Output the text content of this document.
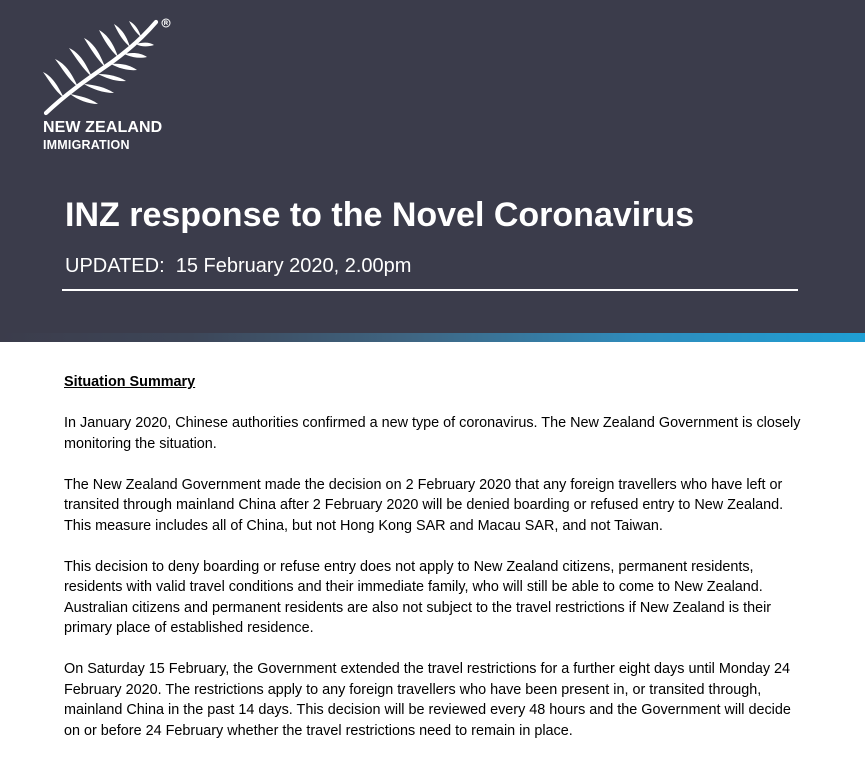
NEW ZEALAND
IMMIGRATION
INZ response to the Novel Coronavirus
UPDATED:  15 February 2020, 2.00pm

Situation Summary

In January 2020, Chinese authorities confirmed a new type of coronavirus. The New Zealand Government is closely monitoring the situation.

The New Zealand Government made the decision on 2 February 2020 that any foreign travellers who have left or transited through mainland China after 2 February 2020 will be denied boarding or refused entry to New Zealand. This measure includes all of China, but not Hong Kong SAR and Macau SAR, and not Taiwan.

This decision to deny boarding or refuse entry does not apply to New Zealand citizens, permanent residents, residents with valid travel conditions and their immediate family, who will still be able to come to New Zealand. Australian citizens and permanent residents are also not subject to the travel restrictions if New Zealand is their primary place of established residence.

On Saturday 15 February, the Government extended the travel restrictions for a further eight days until Monday 24 February 2020. The restrictions apply to any foreign travellers who have been present in, or transited through, mainland China in the past 14 days. This decision will be reviewed every 48 hours and the Government will decide on or before 24 February whether the travel restrictions need to remain in place.
